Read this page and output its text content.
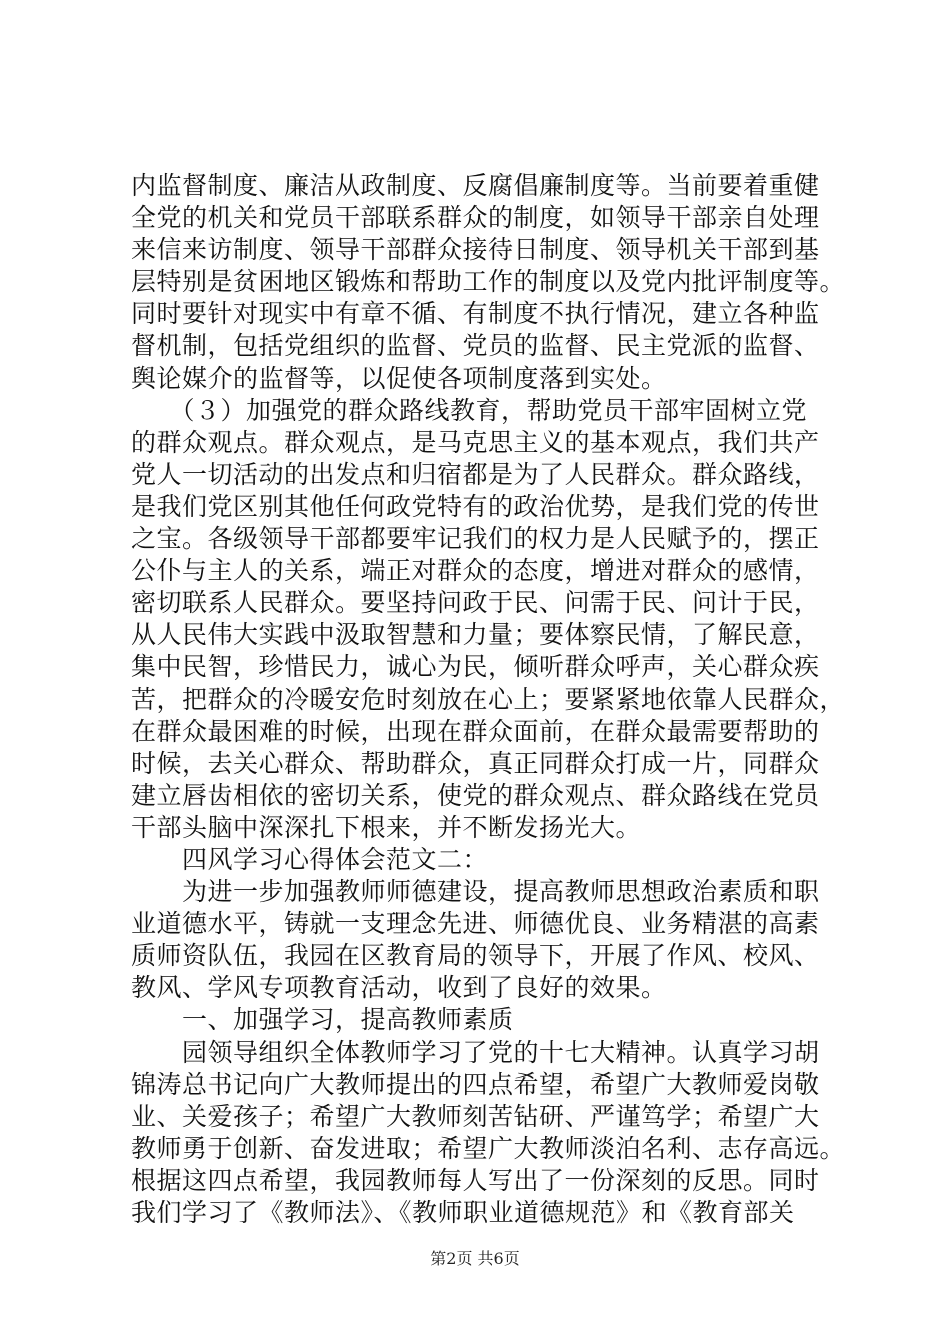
内监督制度、廉洁从政制度、反腐倡廉制度等。当前要着重健
全党的机关和党员干部联系群众的制度，如领导干部亲自处理
来信来访制度、领导干部群众接待日制度、领导机关干部到基
层特别是贫困地区锻炼和帮助工作的制度以及党内批评制度等。
同时要针对现实中有章不循、有制度不执行情况，建立各种监
督机制，包括党组织的监督、党员的监督、民主党派的监督、
舆论媒介的监督等，以促使各项制度落到实处。
　　（３）加强党的群众路线教育，帮助党员干部牢固树立党
的群众观点。群众观点，是马克思主义的基本观点，我们共产
党人一切活动的出发点和归宿都是为了人民群众。群众路线，
是我们党区别其他任何政党特有的政治优势，是我们党的传世
之宝。各级领导干部都要牢记我们的权力是人民赋予的，摆正
公仆与主人的关系，端正对群众的态度，增进对群众的感情，
密切联系人民群众。要坚持问政于民、问需于民、问计于民，
从人民伟大实践中汲取智慧和力量；要体察民情，了解民意，
集中民智，珍惜民力，诚心为民，倾听群众呼声，关心群众疾
苦，把群众的冷暖安危时刻放在心上；要紧紧地依靠人民群众，
在群众最困难的时候，出现在群众面前，在群众最需要帮助的
时候，去关心群众、帮助群众，真正同群众打成一片，同群众
建立唇齿相依的密切关系，使党的群众观点、群众路线在党员
干部头脑中深深扎下根来，并不断发扬光大。
　　四风学习心得体会范文二：
　　为进一步加强教师师德建设，提高教师思想政治素质和职
业道德水平，铸就一支理念先进、师德优良、业务精湛的高素
质师资队伍，我园在区教育局的领导下，开展了作风、校风、
教风、学风专项教育活动，收到了良好的效果。
　　一、加强学习，提高教师素质
　　园领导组织全体教师学习了党的十七大精神。认真学习胡
锦涛总书记向广大教师提出的四点希望，希望广大教师爱岗敬
业、关爱孩子；希望广大教师刻苦钻研、严谨笃学；希望广大
教师勇于创新、奋发进取；希望广大教师淡泊名利、志存高远。
根据这四点希望，我园教师每人写出了一份深刻的反思。同时
我们学习了《教师法》、《教师职业道德规范》和《教育部关
第2页 共6页
